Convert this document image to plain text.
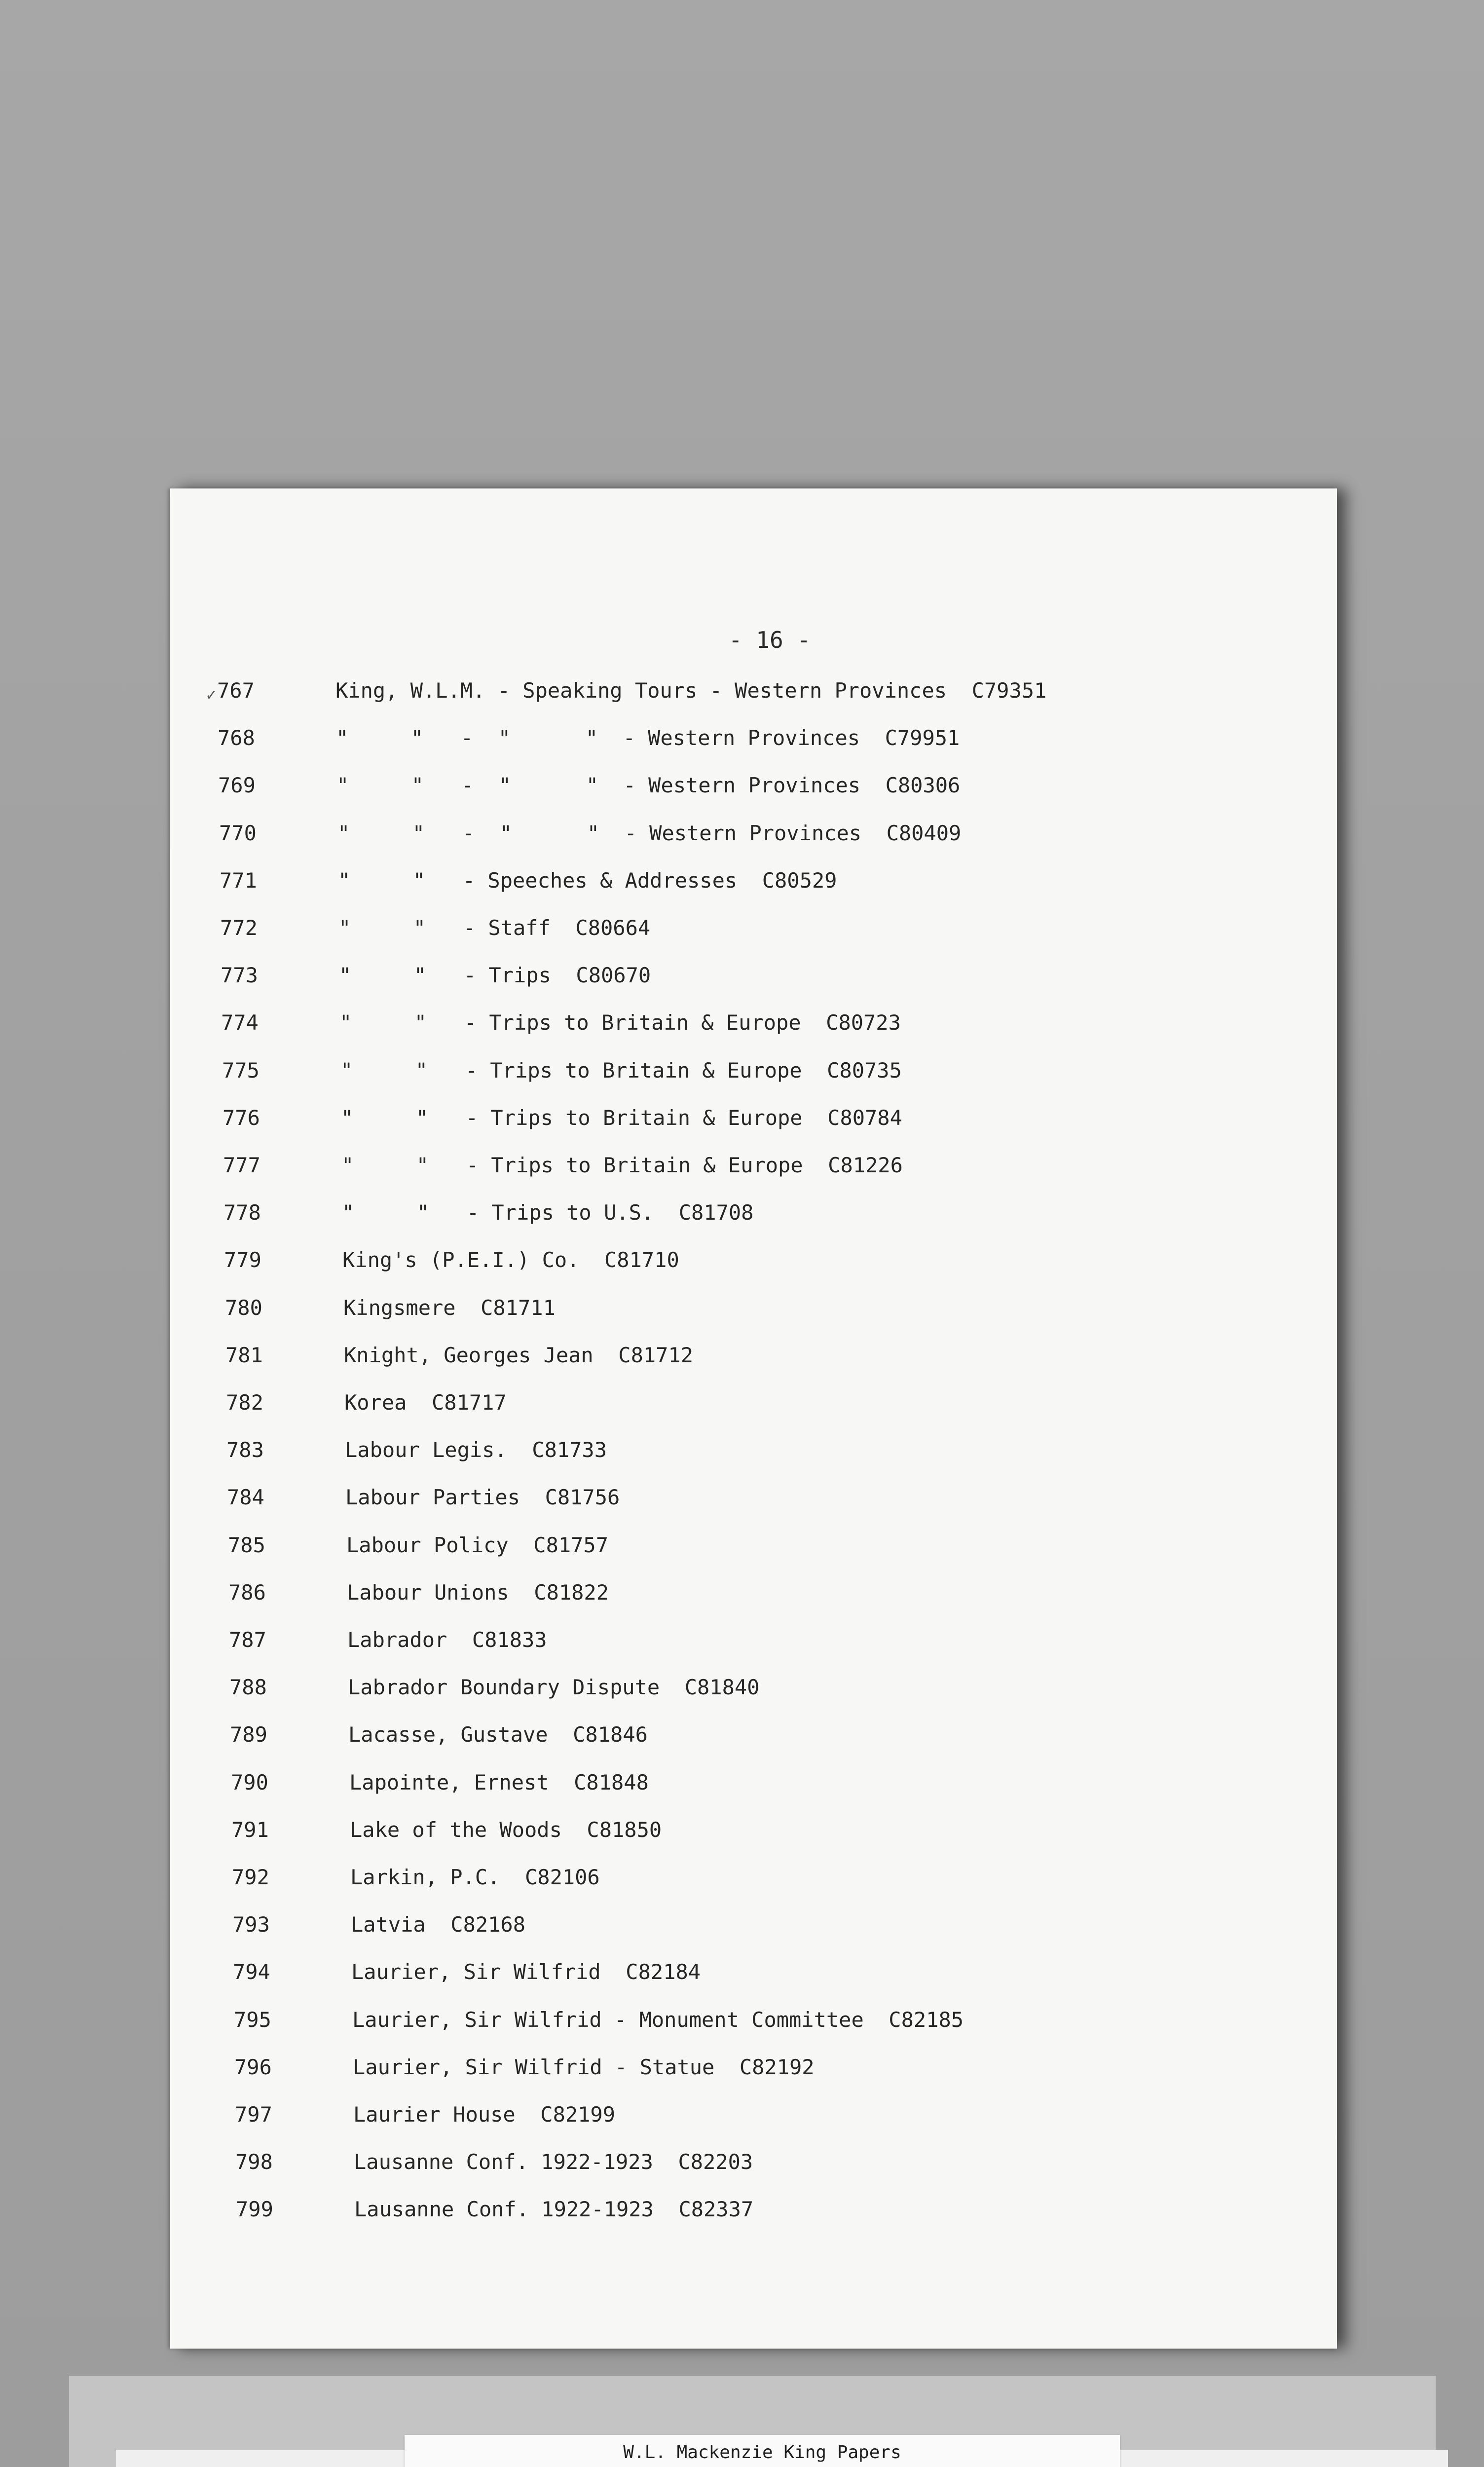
- 16 -
✓ 767	King, W.L.M. - Speaking Tours - Western Provinces  C79351
768	"     "   -  "      "  - Western Provinces  C79951
769	"     "   -  "      "  - Western Provinces  C80306
770	"     "   -  "      "  - Western Provinces  C80409
771	"     "   - Speeches & Addresses  C80529
772	"     "   - Staff  C80664
773	"     "   - Trips  C80670
774	"     "   - Trips to Britain & Europe  C80723
775	"     "   - Trips to Britain & Europe  C80735
776	"     "   - Trips to Britain & Europe  C80784
777	"     "   - Trips to Britain & Europe  C81226
778	"     "   - Trips to U.S.  C81708
779	King's (P.E.I.) Co.  C81710
780	Kingsmere  C81711
781	Knight, Georges Jean  C81712
782	Korea  C81717
783	Labour Legis.  C81733
784	Labour Parties  C81756
785	Labour Policy  C81757
786	Labour Unions  C81822
787	Labrador  C81833
788	Labrador Boundary Dispute  C81840
789	Lacasse, Gustave  C81846
790	Lapointe, Ernest  C81848
791	Lake of the Woods  C81850
792	Larkin, P.C.  C82106
793	Latvia  C82168
794	Laurier, Sir Wilfrid  C82184
795	Laurier, Sir Wilfrid - Monument Committee  C82185
796	Laurier, Sir Wilfrid - Statue  C82192
797	Laurier House  C82199
798	Lausanne Conf. 1922-1923  C82203
799	Lausanne Conf. 1922-1923  C82337
W.L. Mackenzie King Papers
